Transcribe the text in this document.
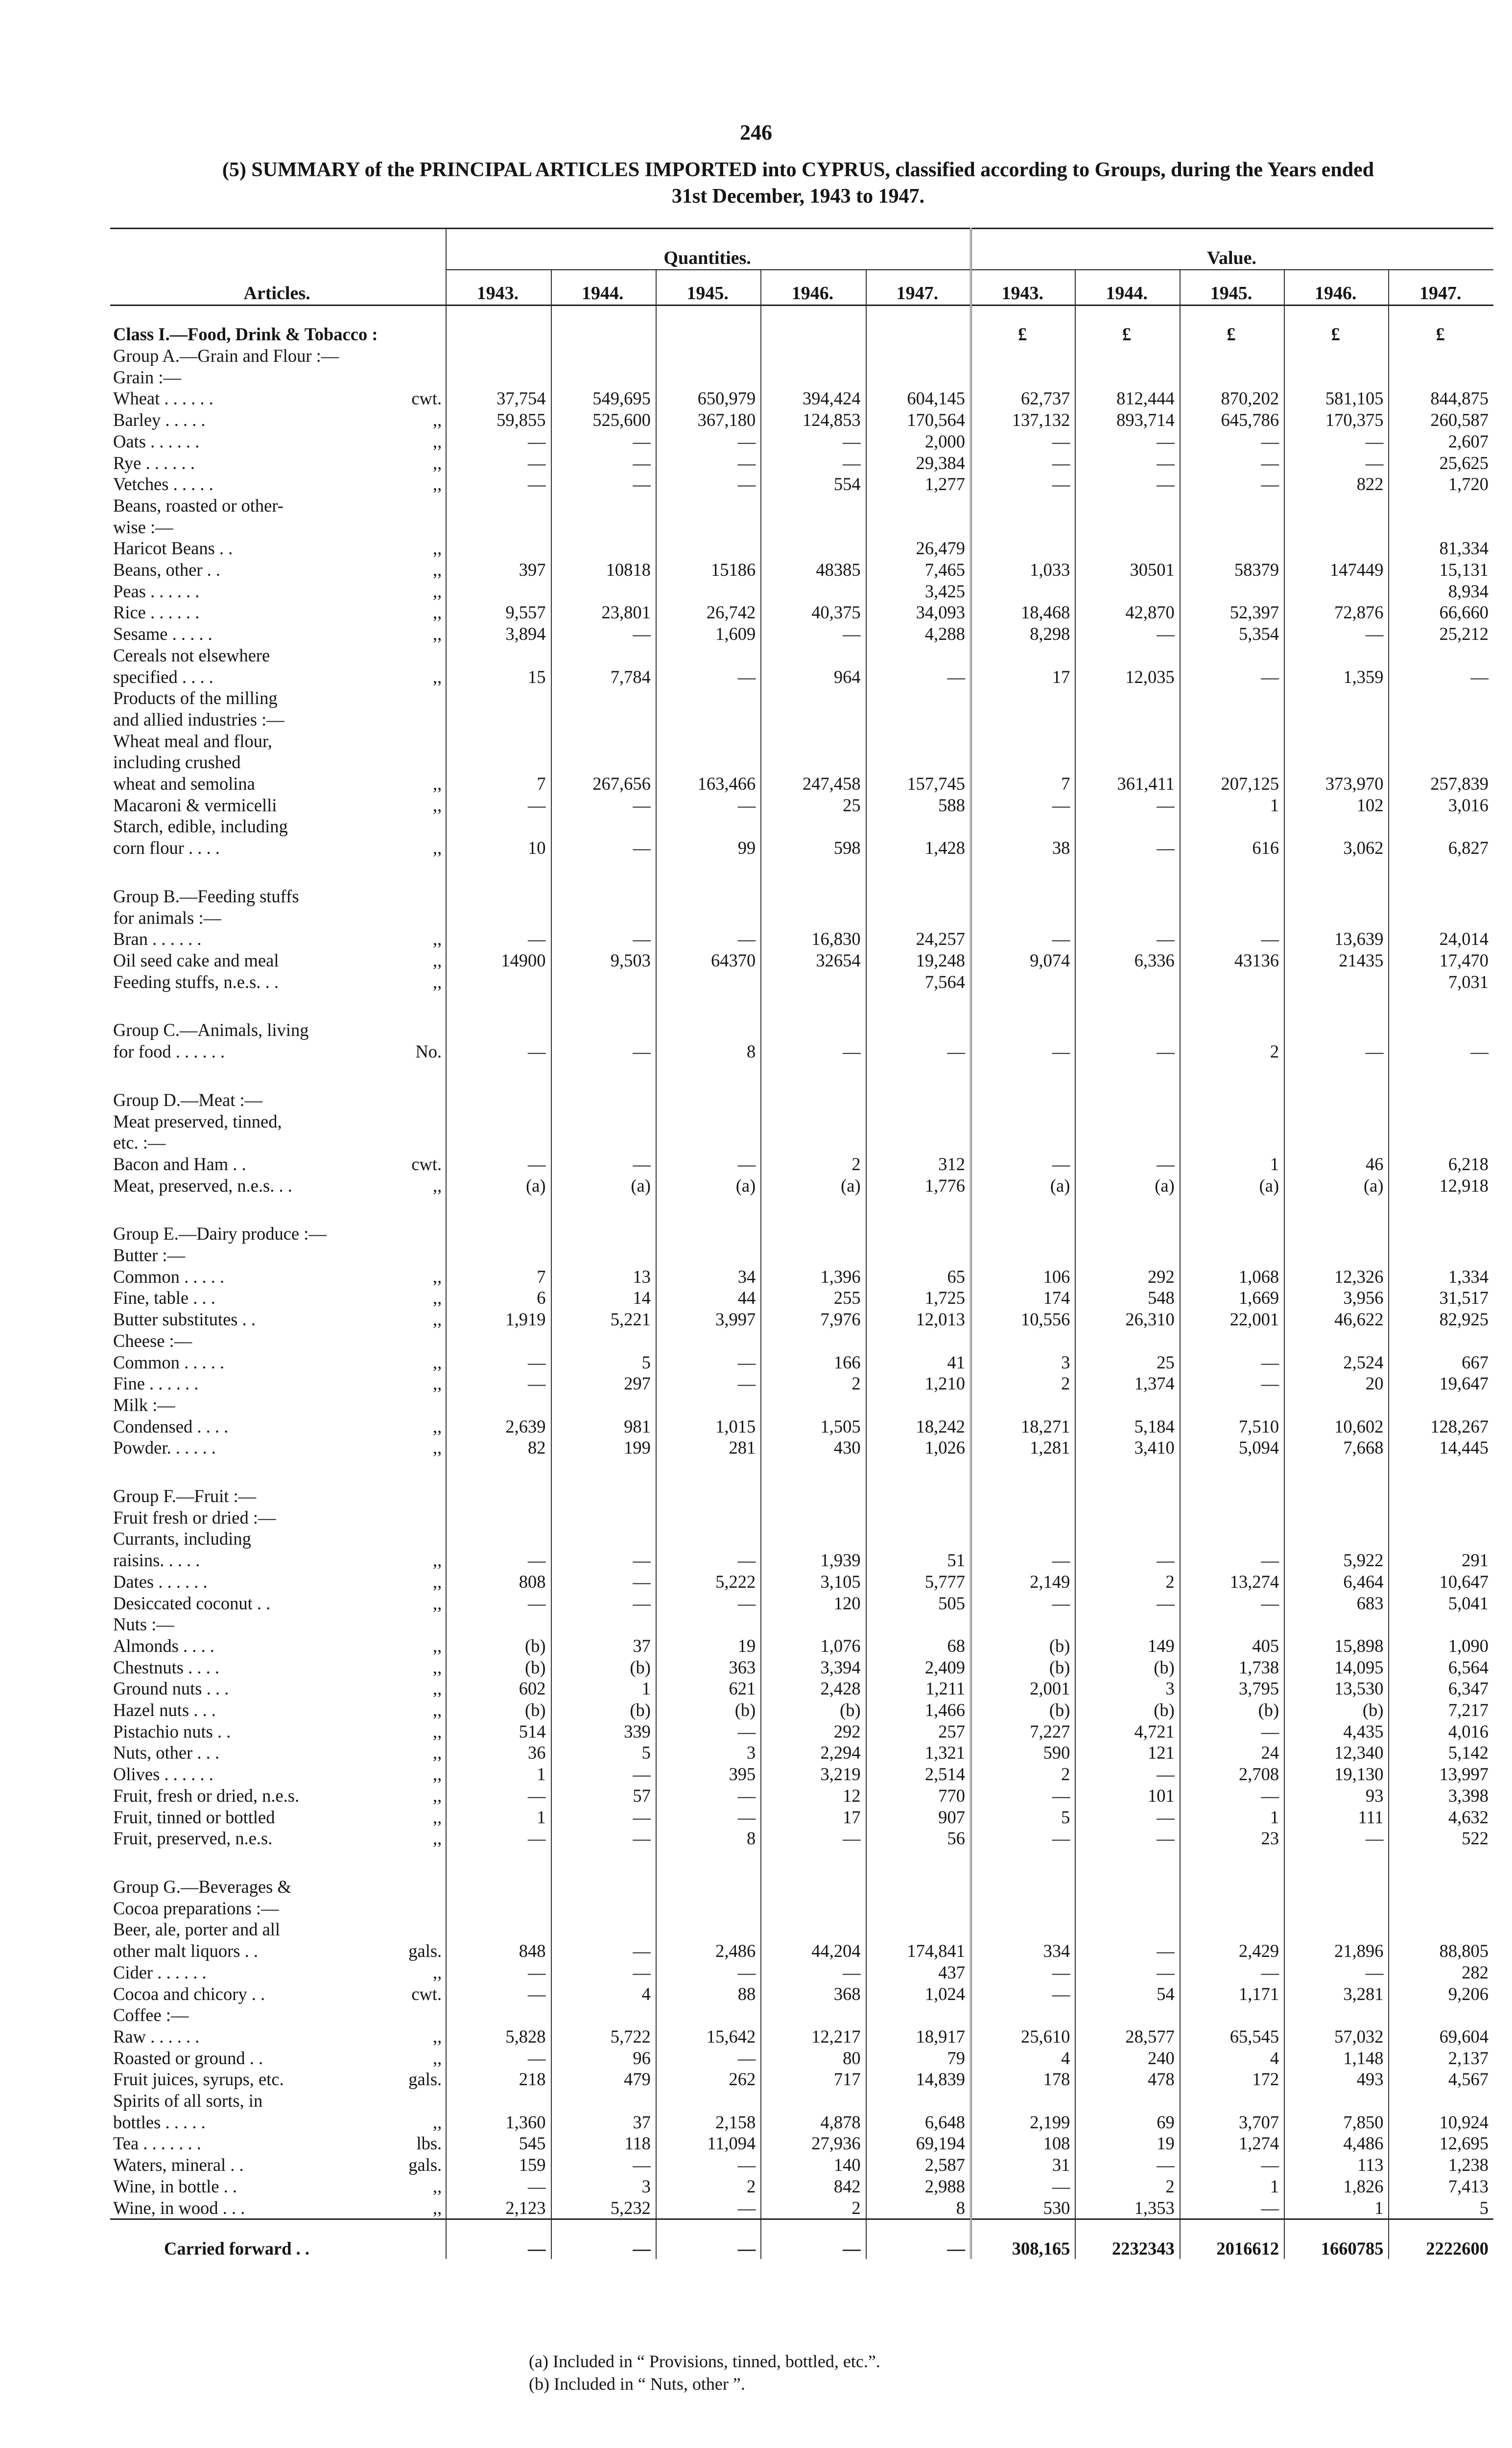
246
(5) SUMMARY of the PRINCIPAL ARTICLES IMPORTED into CYPRUS, classified according to Groups, during the Years ended
31st December, 1943 to 1947.
Articles.	Quantities.					Value.				
	1943.	1944.	1945.	1946.	1947.	1943.	1944.	1945.	1946.	1947.
Class I.—Food, Drink & Tobacco :						£	£	£	£	£
Group A.—Grain and Flour :—										
Grain :—										
Wheat . . . . . . cwt.	37,754	549,695	650,979	394,424	604,145	62,737	812,444	870,202	581,105	844,875
Barley . . . . . ,,	59,855	525,600	367,180	124,853	170,564	137,132	893,714	645,786	170,375	260,587
Oats . . . . . . ,,	—	—	—	—	2,000	—	—	—	—	2,607
Rye . . . . . . ,,	—	—	—	—	29,384	—	—	—	—	25,625
Vetches . . . . . ,,	—	—	—	554	1,277	—	—	—	822	1,720
Beans, roasted or other-										
wise :—										
Haricot Beans . . ,,					26,479					81,334
Beans, other . . ,,	397	10818	15186	48385	7,465	1,033	30501	58379	147449	15,131
Peas . . . . . . ,,					3,425					8,934
Rice . . . . . . ,,	9,557	23,801	26,742	40,375	34,093	18,468	42,870	52,397	72,876	66,660
Sesame . . . . . ,,	3,894	—	1,609	—	4,288	8,298	—	5,354	—	25,212
Cereals not elsewhere										
specified . . . . ,,	15	7,784	—	964	—	17	12,035	—	1,359	—
Products of the milling										
and allied industries :—										
Wheat meal and flour,										
including crushed										
wheat and semolina ,,	7	267,656	163,466	247,458	157,745	7	361,411	207,125	373,970	257,839
Macaroni & vermicelli ,,	—	—	—	25	588	—	—	1	102	3,016
Starch, edible, including										
corn flour . . . . ,,	10	—	99	598	1,428	38	—	616	3,062	6,827

Group B.—Feeding stuffs										
for animals :—										
Bran . . . . . . ,,	—	—	—	16,830	24,257	—	—	—	13,639	24,014
Oil seed cake and meal ,,	14900	9,503	64370	32654	19,248	9,074	6,336	43136	21435	17,470
Feeding stuffs, n.e.s. . . ,,					7,564					7,031

Group C.—Animals, living										
for food . . . . . . No.	—	—	8	—	—	—	—	2	—	—

Group D.—Meat :—										
Meat preserved, tinned,										
etc. :—										
Bacon and Ham . . cwt.	—	—	—	2	312	—	—	1	46	6,218
Meat, preserved, n.e.s. . . ,,	(a)	(a)	(a)	(a)	1,776	(a)	(a)	(a)	(a)	12,918

Group E.—Dairy produce :—										
Butter :—										
Common . . . . . ,,	7	13	34	1,396	65	106	292	1,068	12,326	1,334
Fine, table . . . ,,	6	14	44	255	1,725	174	548	1,669	3,956	31,517
Butter substitutes . . ,,	1,919	5,221	3,997	7,976	12,013	10,556	26,310	22,001	46,622	82,925
Cheese :—										
Common . . . . . ,,	—	5	—	166	41	3	25	—	2,524	667
Fine . . . . . . ,,	—	297	—	2	1,210	2	1,374	—	20	19,647
Milk :—										
Condensed . . . . ,,	2,639	981	1,015	1,505	18,242	18,271	5,184	7,510	10,602	128,267
Powder. . . . . . ,,	82	199	281	430	1,026	1,281	3,410	5,094	7,668	14,445

Group F.—Fruit :—										
Fruit fresh or dried :—										
Currants, including										
raisins. . . . . ,,	—	—	—	1,939	51	—	—	—	5,922	291
Dates . . . . . . ,,	808	—	5,222	3,105	5,777	2,149	2	13,274	6,464	10,647
Desiccated coconut . . ,,	—	—	—	120	505	—	—	—	683	5,041
Nuts :—										
Almonds . . . . ,,	(b)	37	19	1,076	68	(b)	149	405	15,898	1,090
Chestnuts . . . . ,,	(b)	(b)	363	3,394	2,409	(b)	(b)	1,738	14,095	6,564
Ground nuts . . . ,,	602	1	621	2,428	1,211	2,001	3	3,795	13,530	6,347
Hazel nuts . . . ,,	(b)	(b)	(b)	(b)	1,466	(b)	(b)	(b)	(b)	7,217
Pistachio nuts . . ,,	514	339	—	292	257	7,227	4,721	—	4,435	4,016
Nuts, other . . . ,,	36	5	3	2,294	1,321	590	121	24	12,340	5,142
Olives . . . . . . ,,	1	—	395	3,219	2,514	2	—	2,708	19,130	13,997
Fruit, fresh or dried, n.e.s. ,,	—	57	—	12	770	—	101	—	93	3,398
Fruit, tinned or bottled ,,	1	—	—	17	907	5	—	1	111	4,632
Fruit, preserved, n.e.s. ,,	—	—	8	—	56	—	—	23	—	522

Group G.—Beverages &										
Cocoa preparations :—										
Beer, ale, porter and all										
other malt liquors . . gals.	848	—	2,486	44,204	174,841	334	—	2,429	21,896	88,805
Cider . . . . . . ,,	—	—	—	—	437	—	—	—	—	282
Cocoa and chicory . . cwt.	—	4	88	368	1,024	—	54	1,171	3,281	9,206
Coffee :—										
Raw . . . . . . ,,	5,828	5,722	15,642	12,217	18,917	25,610	28,577	65,545	57,032	69,604
Roasted or ground . . ,,	—	96	—	80	79	4	240	4	1,148	2,137
Fruit juices, syrups, etc. gals.	218	479	262	717	14,839	178	478	172	493	4,567
Spirits of all sorts, in										
bottles . . . . . ,,	1,360	37	2,158	4,878	6,648	2,199	69	3,707	7,850	10,924
Tea . . . . . . . lbs.	545	118	11,094	27,936	69,194	108	19	1,274	4,486	12,695
Waters, mineral . . gals.	159	—	—	140	2,587	31	—	—	113	1,238
Wine, in bottle . . ,,	—	3	2	842	2,988	—	2	1	1,826	7,413
Wine, in wood . . . ,,	2,123	5,232	—	2	8	530	1,353	—	1	5
Carried forward . .	—	—	—	—	—	308,165	2232343	2016612	1660785	2222600
(a) Included in “ Provisions, tinned, bottled, etc.”.
(b) Included in “ Nuts, other ”.
